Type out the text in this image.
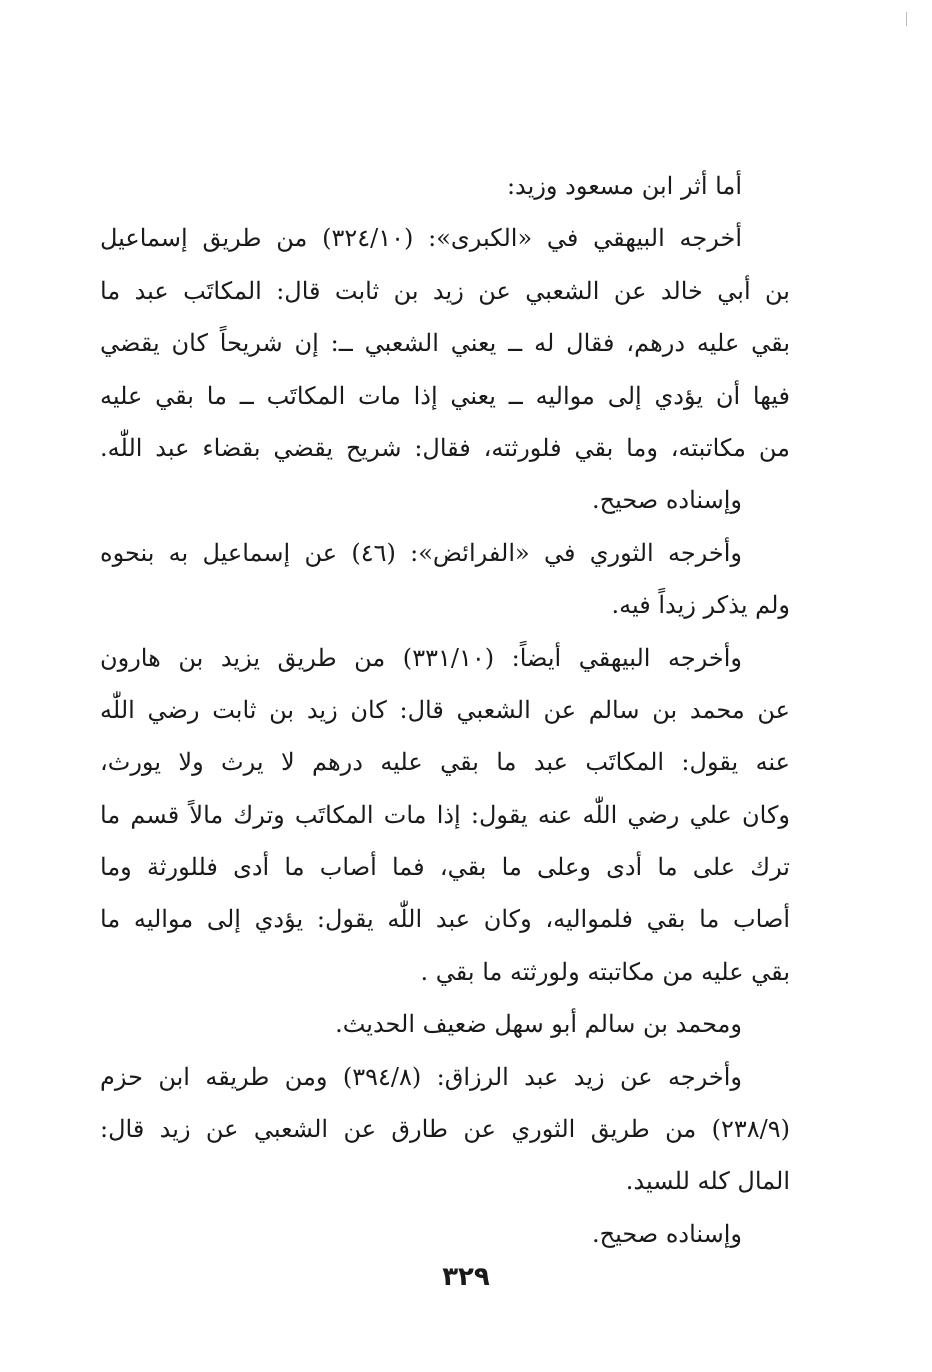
أما أثر ابن مسعود وزيد:
أخرجه البيهقي في «الكبرى»: (٣٢٤/١٠) من طريق إسماعيل
بن أبي خالد عن الشعبي عن زيد بن ثابت قال: المكاتَب عبد ما
بقي عليه درهم، فقال له ــ يعني الشعبي ــ: إن شريحاً كان يقضي
فيها أن يؤدي إلى مواليه ــ يعني إذا مات المكاتَب ــ ما بقي عليه
من مكاتبته، وما بقي فلورثته، فقال: شريح يقضي بقضاء عبد اللّٰه.
وإسناده صحيح.
وأخرجه الثوري في «الفرائض»: (٤٦) عن إسماعيل به بنحوه
ولم يذكر زيداً فيه.
وأخرجه البيهقي أيضاً: (٣٣١/١٠) من طريق يزيد بن هارون
عن محمد بن سالم عن الشعبي قال: كان زيد بن ثابت رضي اللّٰه
عنه يقول: المكاتَب عبد ما بقي عليه درهم لا يرث ولا يورث،
وكان علي رضي اللّٰه عنه يقول: إذا مات المكاتَب وترك مالاً قسم ما
ترك على ما أدى وعلى ما بقي، فما أصاب ما أدى فللورثة وما
أصاب ما بقي فلمواليه، وكان عبد اللّٰه يقول: يؤدي إلى مواليه ما
بقي عليه من مكاتبته ولورثته ما بقي .
ومحمد بن سالم أبو سهل ضعيف الحديث.
وأخرجه عن زيد عبد الرزاق: (٣٩٤/٨) ومن طريقه ابن حزم
(٢٣٨/٩) من طريق الثوري عن طارق عن الشعبي عن زيد قال:
المال كله للسيد.
وإسناده صحيح.
٣٢٩
